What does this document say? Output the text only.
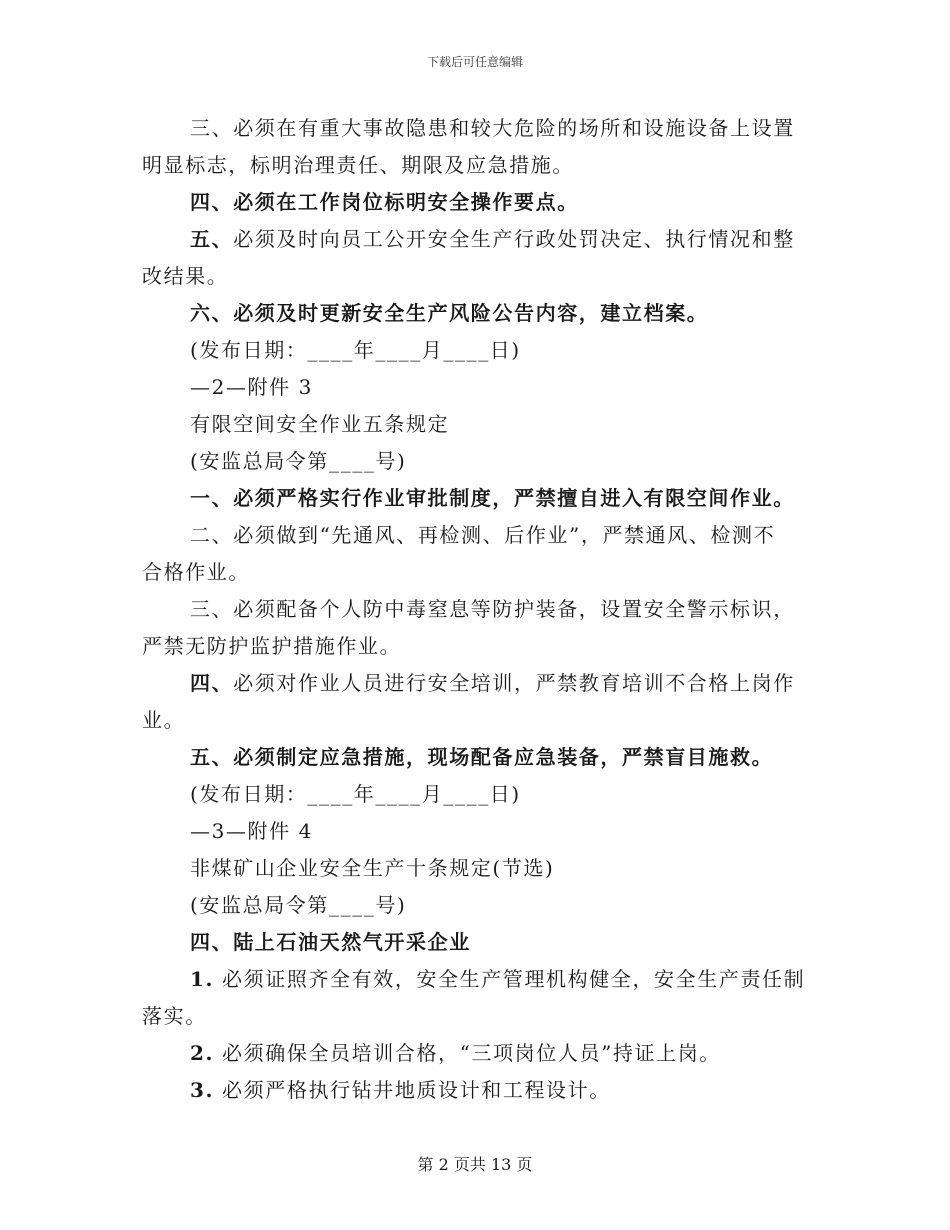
下载后可任意编辑
三、必须在有重大事故隐患和较大危险的场所和设施设备上设置
明显标志，标明治理责任、期限及应急措施。
四、必须在工作岗位标明安全操作要点。
五、必须及时向员工公开安全生产行政处罚决定、执行情况和整
改结果。
六、必须及时更新安全生产风险公告内容，建立档案。
(发布日期：____年____月____日)
—2—附件 3
有限空间安全作业五条规定
(安监总局令第____号)
一、必须严格实行作业审批制度，严禁擅自进入有限空间作业。
二、必须做到“先通风、再检测、后作业”，严禁通风、检测不
合格作业。
三、必须配备个人防中毒窒息等防护装备，设置安全警示标识，
严禁无防护监护措施作业。
四、必须对作业人员进行安全培训，严禁教育培训不合格上岗作
业。
五、必须制定应急措施，现场配备应急装备，严禁盲目施救。
(发布日期：____年____月____日)
—3—附件 4
非煤矿山企业安全生产十条规定(节选)
(安监总局令第____号)
四、陆上石油天然气开采企业
1. 必须证照齐全有效，安全生产管理机构健全，安全生产责任制
落实。
2. 必须确保全员培训合格，“三项岗位人员”持证上岗。
3. 必须严格执行钻井地质设计和工程设计。
第 2 页共 13 页
